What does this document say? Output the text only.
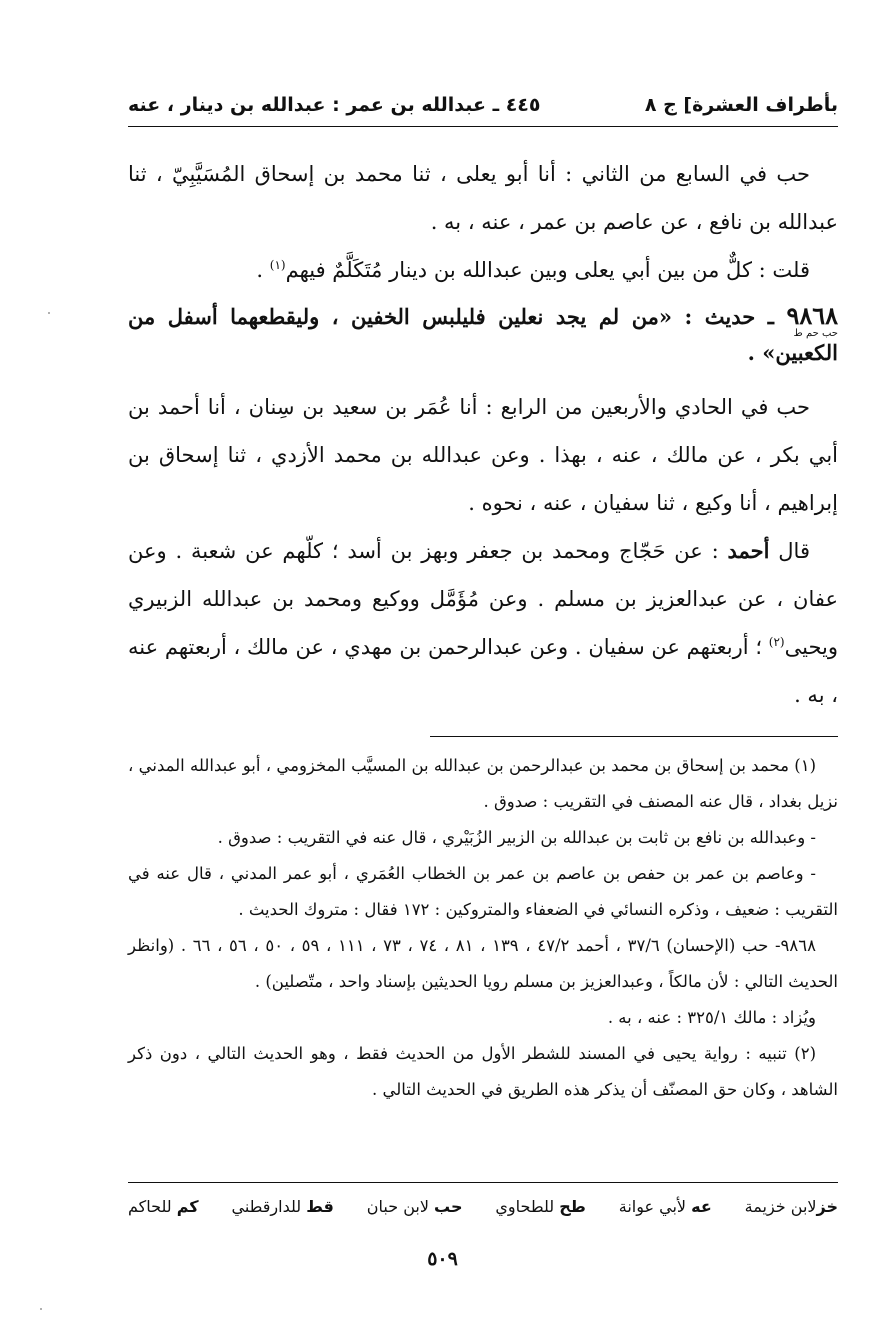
بأطراف العشرة] ج ٨
٤٤٥ ـ عبدالله بن عمر : عبدالله بن دينار ، عنه

حب في السابع من الثاني : أنا أبو يعلى ، ثنا محمد بن إسحاق المُسَيَّبِيّ ، ثنا عبدالله بن نافع ، عن عاصم بن عمر ، عنه ، به .

قلت : كلٌّ من بين أبي يعلى وبين عبدالله بن دينار مُتَكَلَّمٌ فيهم$^{(١)}$ .

٩٨٦٨ ـ حديث : «من لم يجد نعلين فليلبس الخفين ، وليقطعهما أسفل من الكعبين» .
حب حم ط

حب في الحادي والأربعين من الرابع : أنا عُمَر بن سعيد بن سِنان ، أنا أحمد بن أبي بكر ، عن مالك ، عنه ، بهذا . وعن عبدالله بن محمد الأزدي ، ثنا إسحاق بن إبراهيم ، أنا وكيع ، ثنا سفيان ، عنه ، نحوه .

قال أحمد : عن حَجّاج ومحمد بن جعفر وبهز بن أسد ؛ كلّهم عن شعبة . وعن عفان ، عن عبدالعزيز بن مسلم . وعن مُؤَمَّل ووكيع ومحمد بن عبدالله الزبيري ويحيى$^{(٢)}$ ؛ أربعتهم عن سفيان . وعن عبدالرحمن بن مهدي ، عن مالك ، أربعتهم عنه ، به .

(١) محمد بن إسحاق بن محمد بن عبدالرحمن بن عبدالله بن المسيَّب المخزومي ، أبو عبدالله المدني ، نزيل بغداد ، قال عنه المصنف في التقريب : صدوق .

- وعبدالله بن نافع بن ثابت بن عبدالله بن الزبير الزُبَيْري ، قال عنه في التقريب : صدوق .

- وعاصم بن عمر بن حفص بن عاصم بن عمر بن الخطاب العُمَري ، أبو عمر المدني ، قال عنه في التقريب : ضعيف ، وذكره النسائي في الضعفاء والمتروكين : ١٧٢ فقال : متروك الحديث .

٩٨٦٨- حب (الإحسان) ٣٧/٦ ، أحمد ٤٧/٢ ، ١٣٩ ، ٨١ ، ٧٤ ، ٧٣ ، ١١١ ، ٥٩ ، ٥٠ ، ٥٦ ، ٦٦ . (وانظر الحديث التالي : لأن مالكاً ، وعبدالعزيز بن مسلم رويا الحديثين بإسناد واحد ، متّصلين) .

ويُزاد : مالك ٣٢٥/١ : عنه ، به .

(٢) تنبيه : رواية يحيى في المسند للشطر الأول من الحديث فقط ، وهو الحديث التالي ، دون ذكر الشاهد ، وكان حق المصنّف أن يذكر هذه الطريق في الحديث التالي .

خزلابن خزيمة
عه لأبي عوانة
طح للطحاوي
حب لابن حبان
قط للدارقطني
كم للحاكم
٥٠٩
